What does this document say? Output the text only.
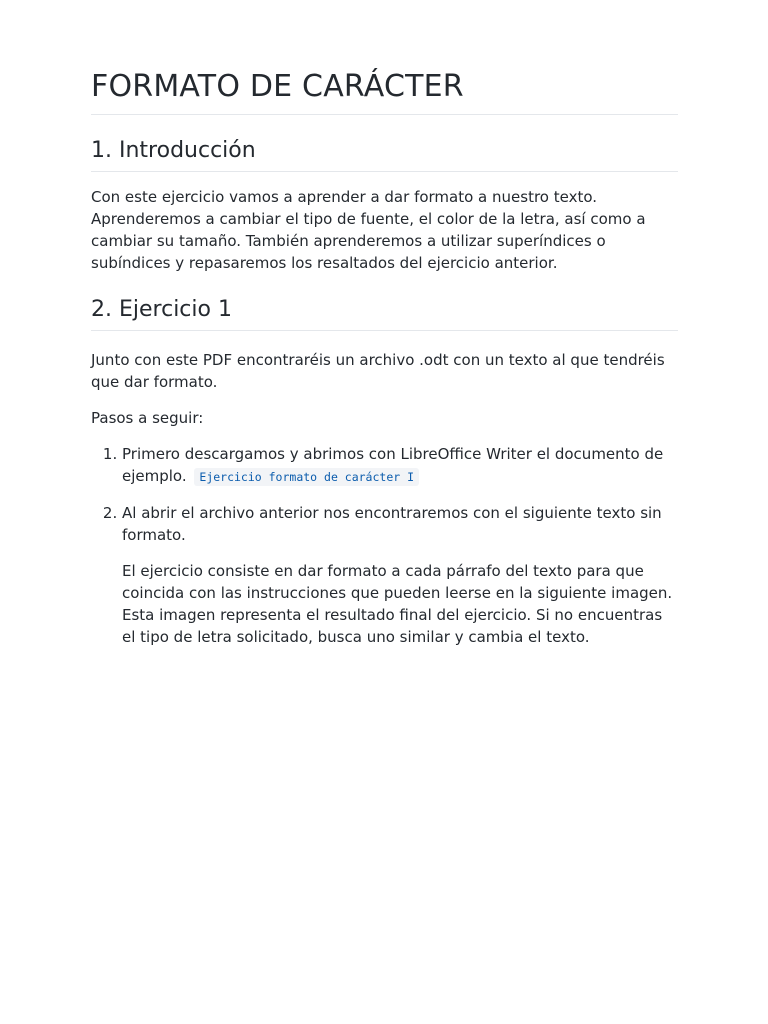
FORMATO DE CARÁCTER
1. Introducción

Con este ejercicio vamos a aprender a dar formato a nuestro texto. Aprenderemos a cambiar el tipo de fuente, el color de la letra, así como a cambiar su tamaño. También aprenderemos a utilizar superíndices o subíndices y repasaremos los resaltados del ejercicio anterior.

2. Ejercicio 1

Junto con este PDF encontraréis un archivo .odt con un texto al que tendréis que dar formato.

Pasos a seguir:

1. Primero descargamos y abrimos con LibreOffice Writer el documento de ejemplo. Ejercicio formato de carácter I
2. Al abrir el archivo anterior nos encontraremos con el siguiente texto sin formato.

El ejercicio consiste en dar formato a cada párrafo del texto para que coincida con las instrucciones que pueden leerse en la siguiente imagen. Esta imagen representa el resultado final del ejercicio. Si no encuentras el tipo de letra solicitado, busca uno similar y cambia el texto.
